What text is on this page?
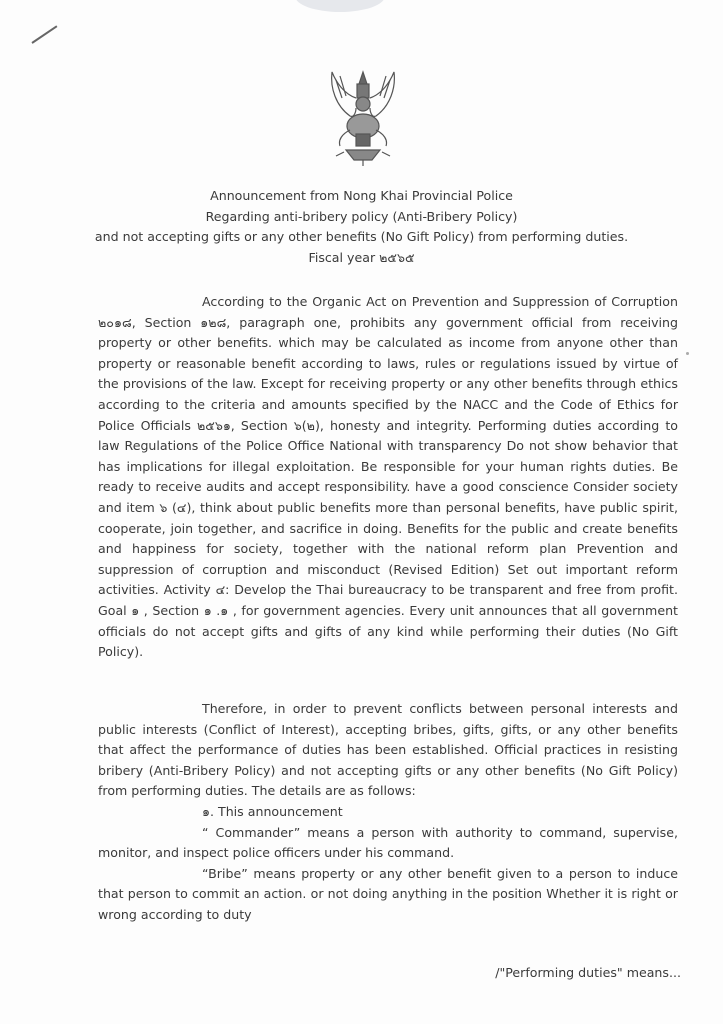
Announcement from Nong Khai Provincial Police
Regarding anti-bribery policy (Anti-Bribery Policy)
and not accepting gifts or any other benefits (No Gift Policy) from performing duties.
Fiscal year ๒๕๖๕

According to the Organic Act on Prevention and Suppression of Corruption ๒๐๑๘, Section ๑๒๘, paragraph one, prohibits any government official from receiving property or other benefits. which may be calculated as income from anyone other than property or reasonable benefit according to laws, rules or regulations issued by virtue of the provisions of the law. Except for receiving property or any other benefits through ethics according to the criteria and amounts specified by the NACC and the Code of Ethics for Police Officials ๒๕๖๑, Section ๖(๒), honesty and integrity. Performing duties according to law Regulations of the Police Office National with transparency Do not show behavior that has implications for illegal exploitation. Be responsible for your human rights duties. Be ready to receive audits and accept responsibility. have a good conscience Consider society and item ๖ (๔), think about public benefits more than personal benefits, have public spirit, cooperate, join together, and sacrifice in doing. Benefits for the public and create benefits and happiness for society, together with the national reform plan Prevention and suppression of corruption and misconduct (Revised Edition) Set out important reform activities. Activity ๔: Develop the Thai bureaucracy to be transparent and free from profit. Goal ๑ , Section ๑ .๑ , for government agencies. Every unit announces that all government officials do not accept gifts and gifts of any kind while performing their duties (No Gift Policy).

Therefore, in order to prevent conflicts between personal interests and public interests (Conflict of Interest), accepting bribes, gifts, gifts, or any other benefits that affect the performance of duties has been established. Official practices in resisting bribery (Anti-Bribery Policy) and not accepting gifts or any other benefits (No Gift Policy) from performing duties. The details are as follows:

๑. This announcement

“ Commander” means a person with authority to command, supervise, monitor, and inspect police officers under his command.

“Bribe” means property or any other benefit given to a person to induce that person to commit an action. or not doing anything in the position Whether it is right or wrong according to duty

/"Performing duties" means...
